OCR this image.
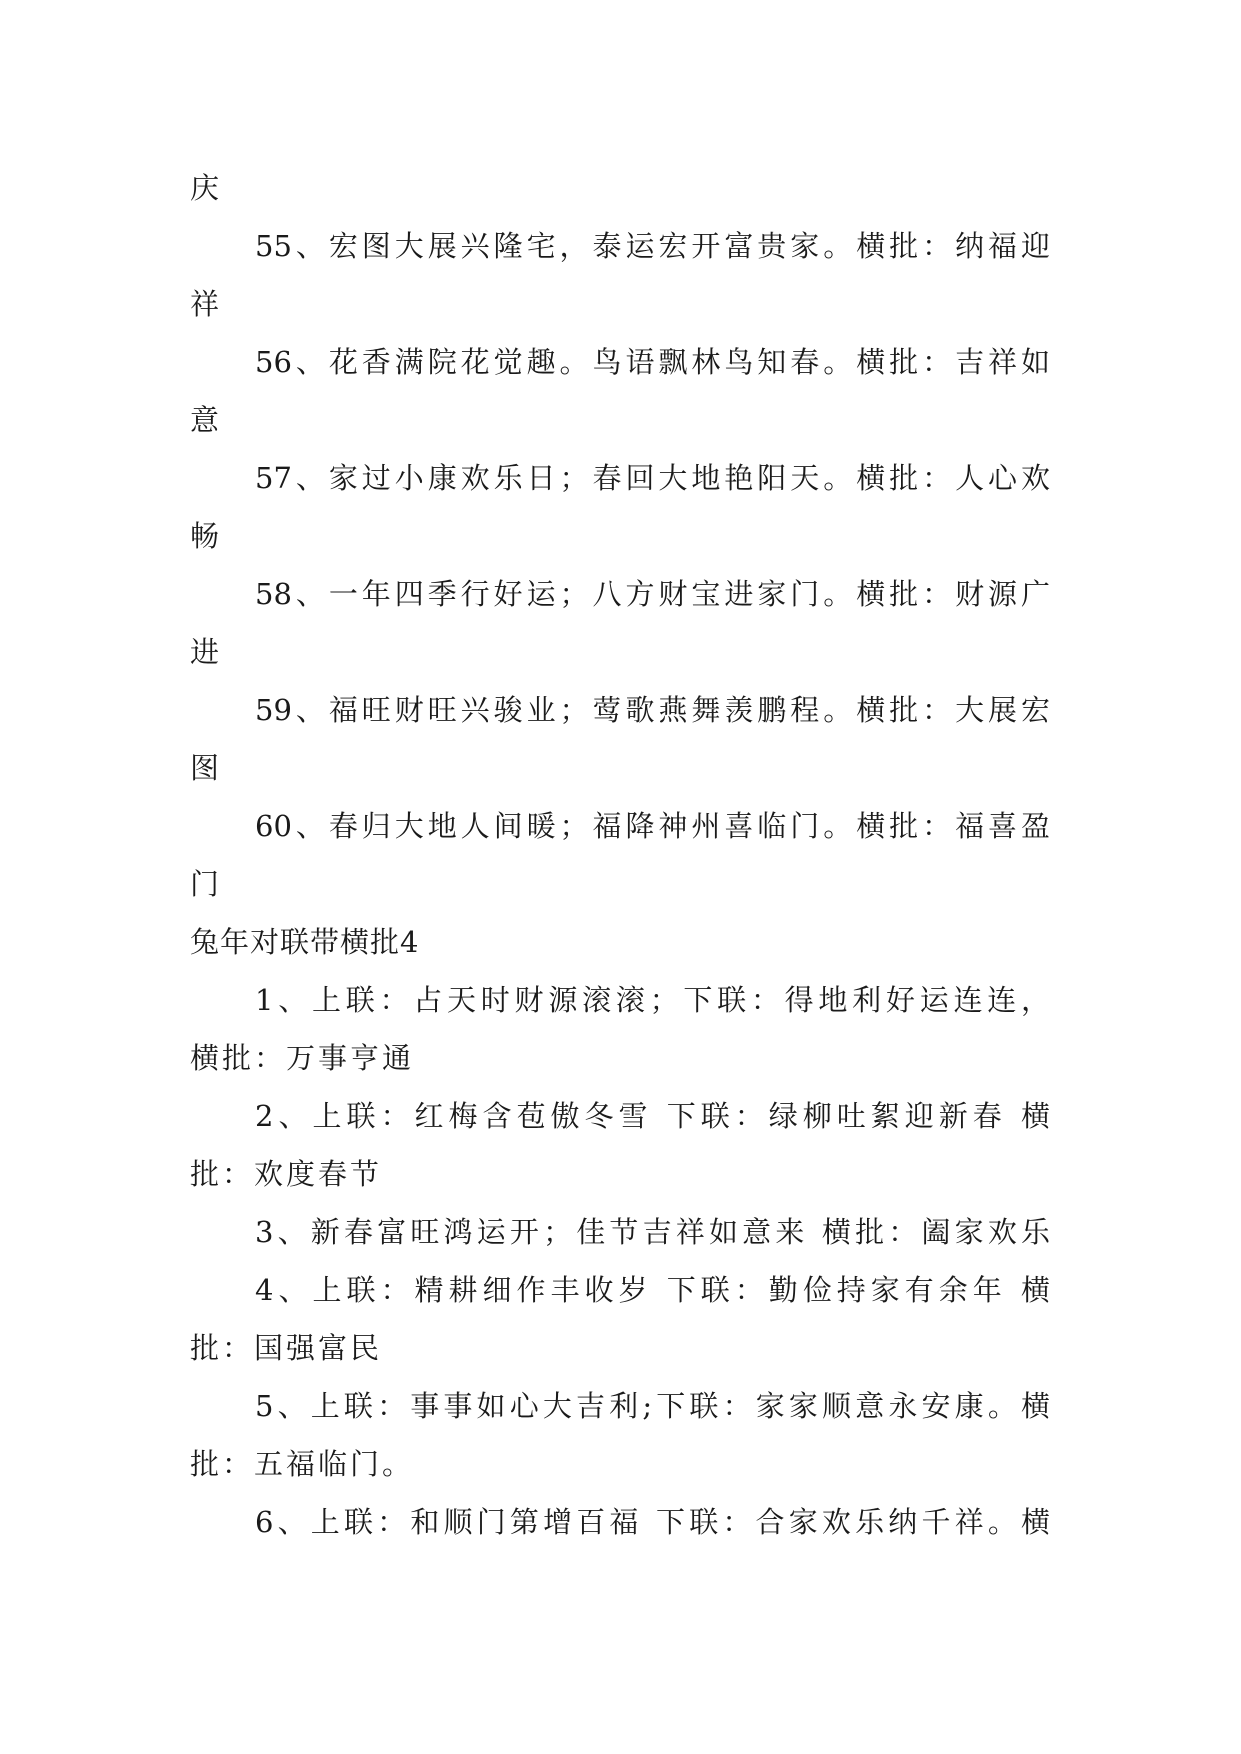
庆
55、宏图大展兴隆宅，泰运宏开富贵家。横批：纳福迎
祥
56、花香满院花觉趣。鸟语飘林鸟知春。横批：吉祥如
意
57、家过小康欢乐日；春回大地艳阳天。横批：人心欢
畅
58、一年四季行好运；八方财宝进家门。横批：财源广
进
59、福旺财旺兴骏业；莺歌燕舞羡鹏程。横批：大展宏
图
60、春归大地人间暖；福降神州喜临门。横批：福喜盈
门
兔年对联带横批4
1、上联：占天时财源滚滚；下联：得地利好运连连，
横批：万事亨通
2、上联：红梅含苞傲冬雪 下联：绿柳吐絮迎新春 横
批：欢度春节
3、新春富旺鸿运开；佳节吉祥如意来 横批：阖家欢乐
4、上联：精耕细作丰收岁 下联：勤俭持家有余年 横
批：国强富民
5、上联：事事如心大吉利;下联：家家顺意永安康。横
批：五福临门。
6、上联：和顺门第增百福 下联：合家欢乐纳千祥。横
